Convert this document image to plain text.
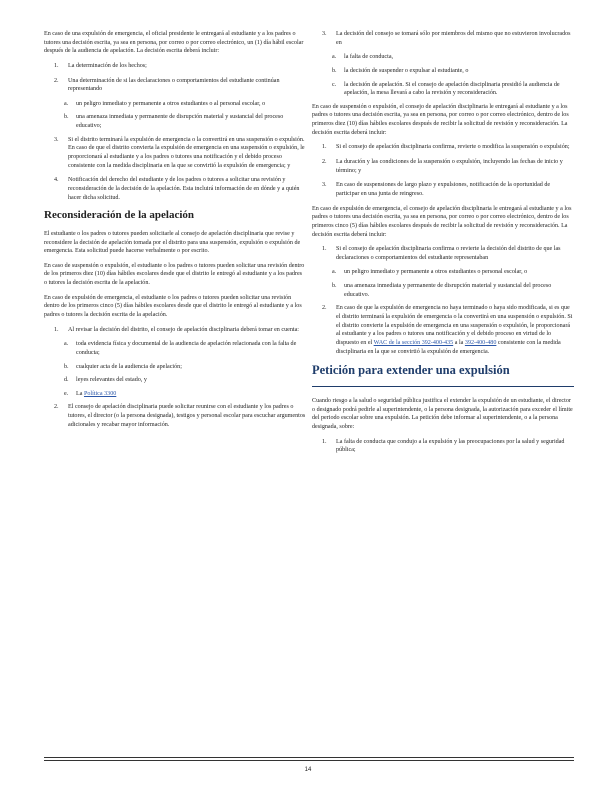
En caso de una expulsión de emergencia, el oficial presidente le entregará al estudiante y a los padres o tutores una decisión escrita, ya sea en persona, por correo o por correo electrónico, un (1) día hábil escolar después de la audiencia de apelación. La decisión escrita deberá incluir:

1.	La determinación de los hechos;
2.	Una determinación de si las declaraciones o comportamientos del estudiante continúan representando
a.	un peligro inmediato y permanente a otros estudiantes o al personal escolar, o
b.	una amenaza inmediata y permanente de disrupción material y sustancial del proceso educativo;
3.	Si el distrito terminará la expulsión de emergencia o la convertirá en una suspensión o expulsión. En caso de que el distrito convierta la expulsión de emergencia en una suspensión o expulsión, le proporcionará al estudiante y a los padres o tutores una notificación y el debido proceso consistente con la medida disciplinaria en la que se convirtió la expulsión de emergencia; y
4.	Notificación del derecho del estudiante y de los padres o tutores a solicitar una revisión y reconsideración de la decisión de la apelación. Esta incluirá información de en dónde y a quién hacer dicha solicitud.
Reconsideración de la apelación

El estudiante o los padres o tutores pueden solicitarle al consejo de apelación disciplinaria que revise y reconsidere la decisión de apelación tomada por el distrito para una suspensión, expulsión o expulsión de emergencia. Esta solicitud puede hacerse verbalmente o por escrito.

En caso de suspensión o expulsión, el estudiante o los padres o tutores pueden solicitar una revisión dentro de los primeros diez (10) días hábiles escolares desde que el distrito le entregó al estudiante y a los padres o tutores la decisión escrita de la apelación.

En caso de expulsión de emergencia, el estudiante o los padres o tutores pueden solicitar una revisión dentro de los primeros cinco (5) días hábiles escolares desde que el distrito le entregó al estudiante y a los padres o tutores la decisión escrita de la apelación.

1.	Al revisar la decisión del distrito, el consejo de apelación disciplinaria deberá tomar en cuenta:
a.	toda evidencia física y documental de la audiencia de apelación relacionada con la falta de conducta;
b.	cualquier acta de la audiencia de apelación;
d.	leyes relevantes del estado, y
e.	La Política 3300
2.	El consejo de apelación disciplinaria puede solicitar reunirse con el estudiante y los padres o tutores, el director (o la persona designada), testigos y personal escolar para escuchar argumentos adicionales y recabar mayor información.
3.	La decisión del consejo se tomará sólo por miembros del mismo que no estuvieron involucrados en
a.	la falta de conducta,
b.	la decisión de suspender o expulsar al estudiante, o
c.	la decisión de apelación. Si el consejo de apelación disciplinaria presidió la audiencia de apelación, la mesa llevará a cabo la revisión y reconsideración.

En caso de suspensión o expulsión, el consejo de apelación disciplinaria le entregará al estudiante y a los padres o tutores una decisión escrita, ya sea en persona, por correo o por correo electrónico, dentro de los primeros diez (10) días hábiles escolares después de recibir la solicitud de revisión y reconsideración. La decisión escrita deberá incluir:

1.	Si el consejo de apelación disciplinaria confirma, revierte o modifica la suspensión o expulsión;
2.	La duración y las condiciones de la suspensión o expulsión, incluyendo las fechas de inicio y término; y
3.	En caso de suspensiones de largo plazo y expulsiones, notificación de la oportunidad de participar en una junta de reingreso.

En caso de expulsión de emergencia, el consejo de apelación disciplinaria le entregará al estudiante y a los padres o tutores una decisión escrita, ya sea en persona, por correo o por correo electrónico, dentro de los primeros cinco (5) días hábiles escolares después de recibir la solicitud de revisión y reconsideración. La decisión escrita deberá incluir:

1.	Si el consejo de apelación disciplinaria confirma o revierte la decisión del distrito de que las declaraciones o comportamientos del estudiante representaban
a.	un peligro inmediato y permanente a otros estudiantes o personal escolar, o
b.	una amenaza inmediata y permanente de disrupción material y sustancial del proceso educativo.
2.	En caso de que la expulsión de emergencia no haya terminado o haya sido modificada, si es que el distrito terminará la expulsión de emergencia o la convertirá en una suspensión o expulsión. Si el distrito convierte la expulsión de emergencia en una suspensión o expulsión, le proporcionará al estudiante y a los padres o tutores una notificación y el debido proceso en virtud de lo dispuesto en el WAC de la sección 392-400-435 a la 392-400-480 consistente con la medida disciplinaria en la que se convirtió la expulsión de emergencia.
Petición para extender una expulsión

Cuando riesgo a la salud o seguridad pública justifica el extender la expulsión de un estudiante, el director o designado podrá pedirle al superintendente, o la persona designada, la autorización para exceder el límite del periodo escolar sobre una expulsión. La petición debe informar al superintendente, o a la persona designada, sobre:

1.	La falta de conducta que condujo a la expulsión y las preocupaciones por la salud y seguridad pública;
14
